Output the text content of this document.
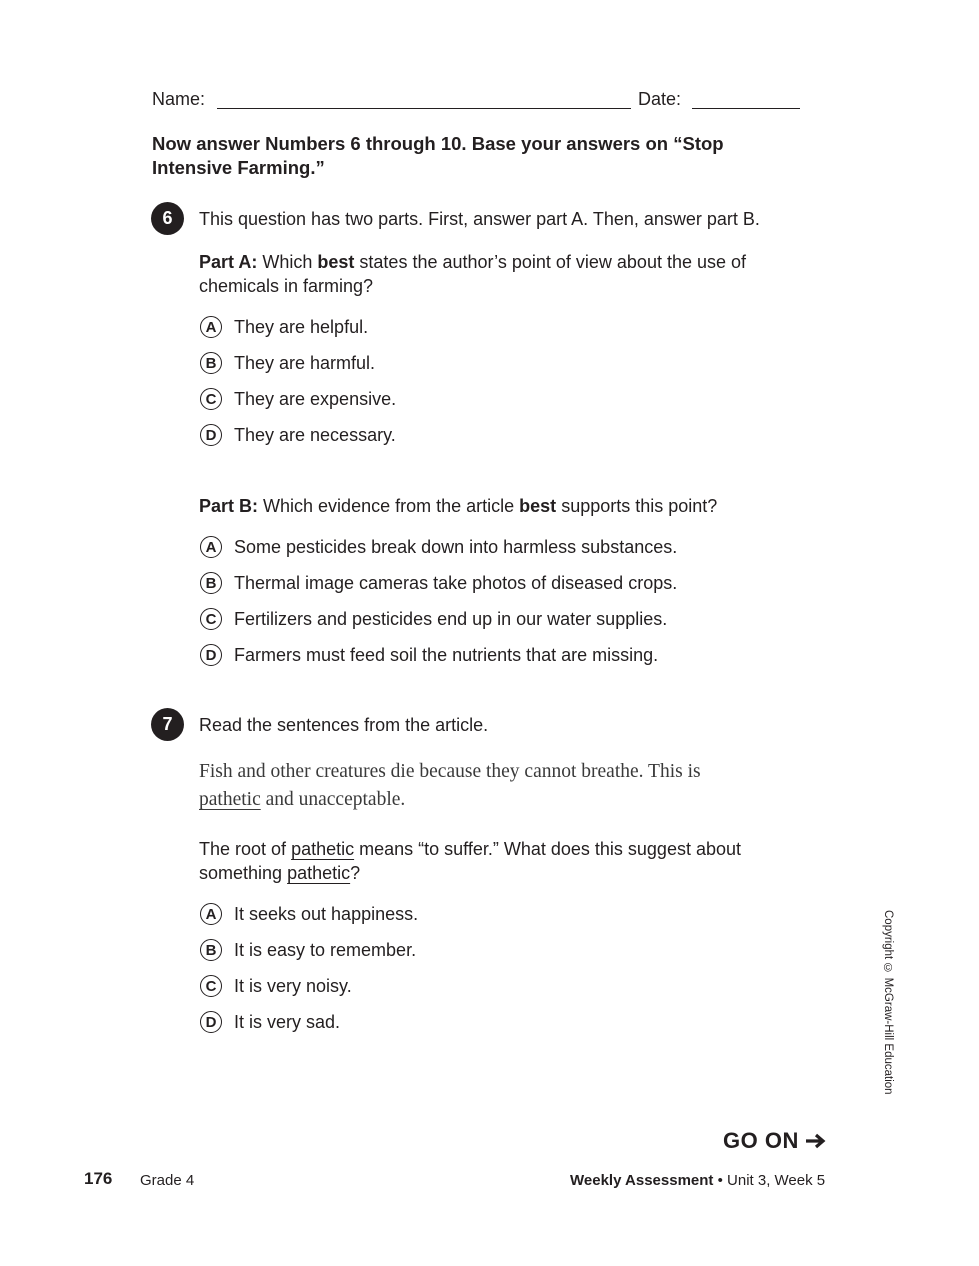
Name:	Date:
Now answer Numbers 6 through 10. Base your answers on “Stop Intensive Farming.”
6	This question has two parts. First, answer part A. Then, answer part B.
Part A: Which best states the author’s point of view about the use of chemicals in farming?
A They are helpful.
B They are harmful.
C They are expensive.
D They are necessary.
Part B: Which evidence from the article best supports this point?
A Some pesticides break down into harmless substances.
B Thermal image cameras take photos of diseased crops.
C Fertilizers and pesticides end up in our water supplies.
D Farmers must feed soil the nutrients that are missing.
7	Read the sentences from the article.
Fish and other creatures die because they cannot breathe. This is
pathetic and unacceptable.
The root of pathetic means “to suffer.” What does this suggest about something pathetic?
A It seeks out happiness.
B It is easy to remember.
C It is very noisy.
D It is very sad.	Copyright © McGraw-Hill Education
GO ON
176 Grade 4	Weekly Assessment • Unit 3, Week 5
